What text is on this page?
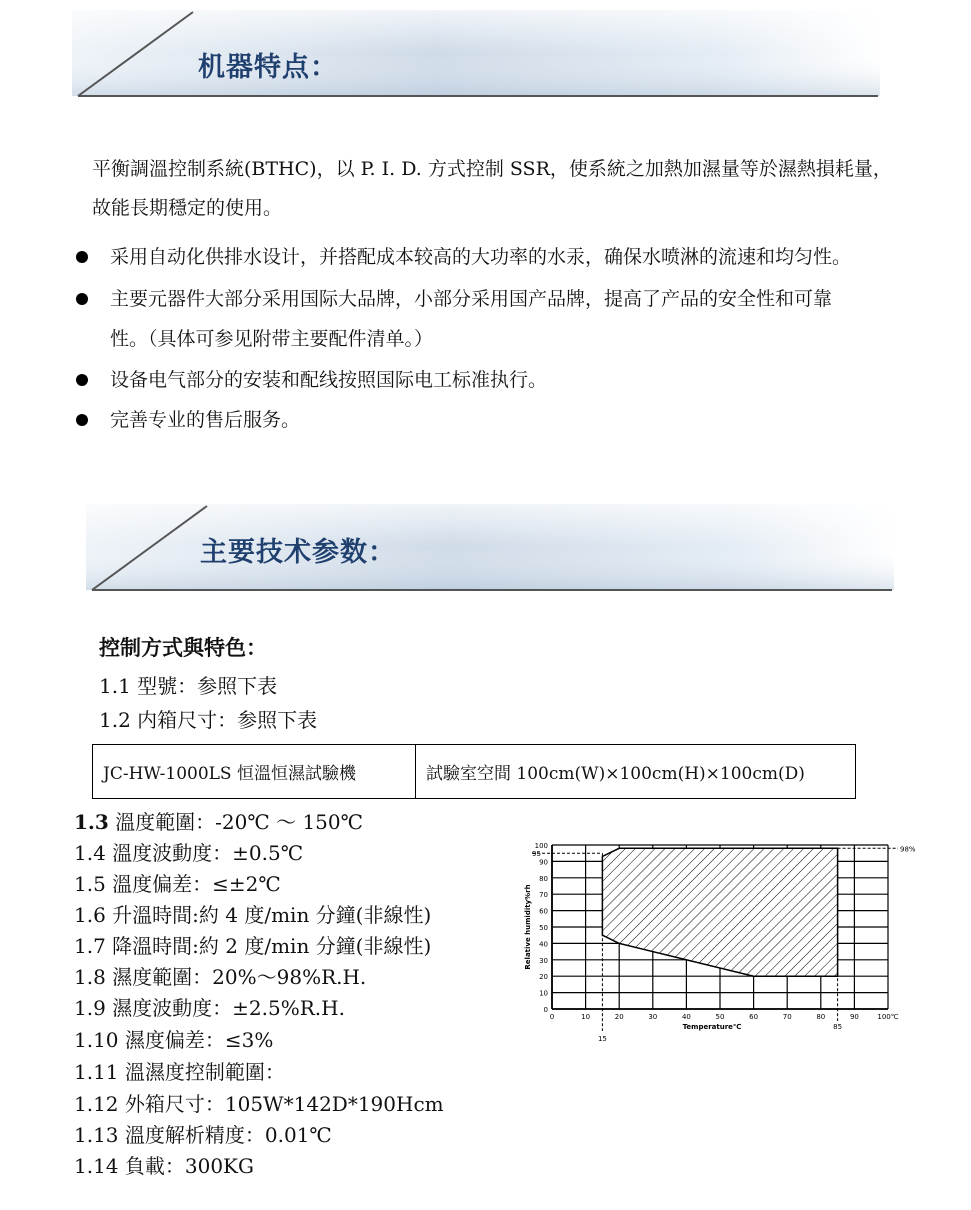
机器特点：
平衡調溫控制系統(BTHC)，以 P. I. D. 方式控制 SSR，使系統之加熱加濕量等於濕熱損耗量，
故能長期穩定的使用。
采用自动化供排水设计，并搭配成本较高的大功率的水汞，确保水喷淋的流速和均匀性。
主要元器件大部分采用国际大品牌，小部分采用国产品牌，提高了产品的安全性和可靠
性。（具体可参见附带主要配件清单。）
设备电气部分的安装和配线按照国际电工标准执行。
完善专业的售后服务。
主要技术参数：
控制方式與特色：
1.1 型號：参照下表
1.2 内箱尺寸：参照下表
JC-HW-1000LS 恒溫恒濕試驗機	試驗室空間 100cm(W)×100cm(H)×100cm(D)
1.3 溫度範圍：-20℃ ～ 150℃
1.4 溫度波動度：±0.5℃
1.5 溫度偏差：≤±2℃
1.6 升溫時間:約 4 度/min 分鐘(非線性)
1.7 降溫時間:約 2 度/min 分鐘(非線性)
1.8 濕度範圍：20%～98%R.H.
1.9 濕度波動度：±2.5%R.H.
1.10 濕度偏差：≤3%
1.11 溫濕度控制範圍：
1.12 外箱尺寸：105W*142D*190Hcm
1.13 溫度解析精度：0.01℃
1.14 負載：300KG
0
10
20
30
40
50
60
70
80
90
100
0	10	20	30	40	50	60	70	80	90	100℃
15
85
95
98%
Temperature℃
Relative humidity%rh
